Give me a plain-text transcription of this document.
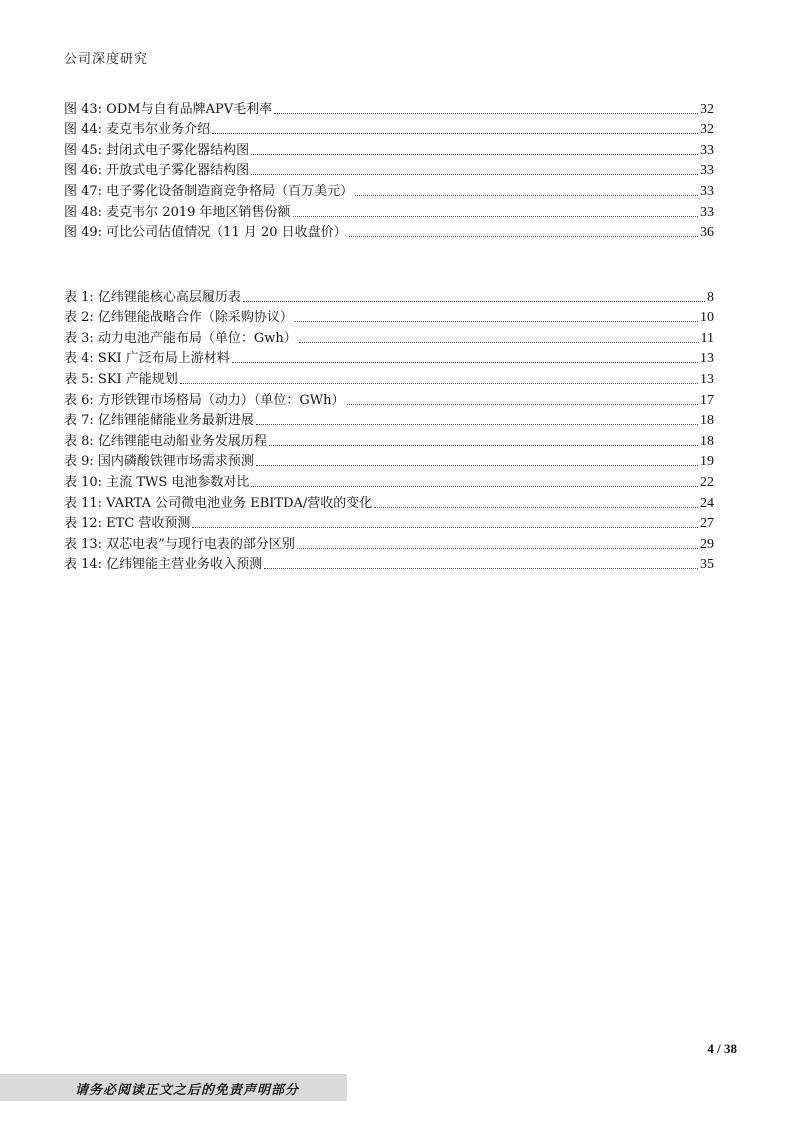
公司深度研究
图 43: ODM与自有品牌APV毛利率	32
图 44: 麦克韦尔业务介绍	32
图 45: 封闭式电子雾化器结构图	33
图 46: 开放式电子雾化器结构图	33
图 47: 电子雾化设备制造商竞争格局（百万美元）	33
图 48: 麦克韦尔 2019 年地区销售份额	33
图 49: 可比公司估值情况（11 月 20 日收盘价）	36
表 1: 亿纬锂能核心高层履历表	8
表 2: 亿纬锂能战略合作（除采购协议）	10
表 3: 动力电池产能布局（单位：Gwh）	11
表 4: SKI 广泛布局上游材料	13
表 5: SKI 产能规划	13
表 6: 方形铁锂市场格局（动力）（单位：GWh）	17
表 7: 亿纬锂能储能业务最新进展	18
表 8: 亿纬锂能电动船业务发展历程	18
表 9: 国内磷酸铁锂市场需求预测	19
表 10: 主流 TWS 电池参数对比	22
表 11: VARTA 公司微电池业务 EBITDA/营收的变化	24
表 12: ETC 营收预测	27
表 13: 双芯电表”与现行电表的部分区别	29
表 14: 亿纬锂能主营业务收入预测	35
4 / 38
请务必阅读正文之后的免责声明部分
